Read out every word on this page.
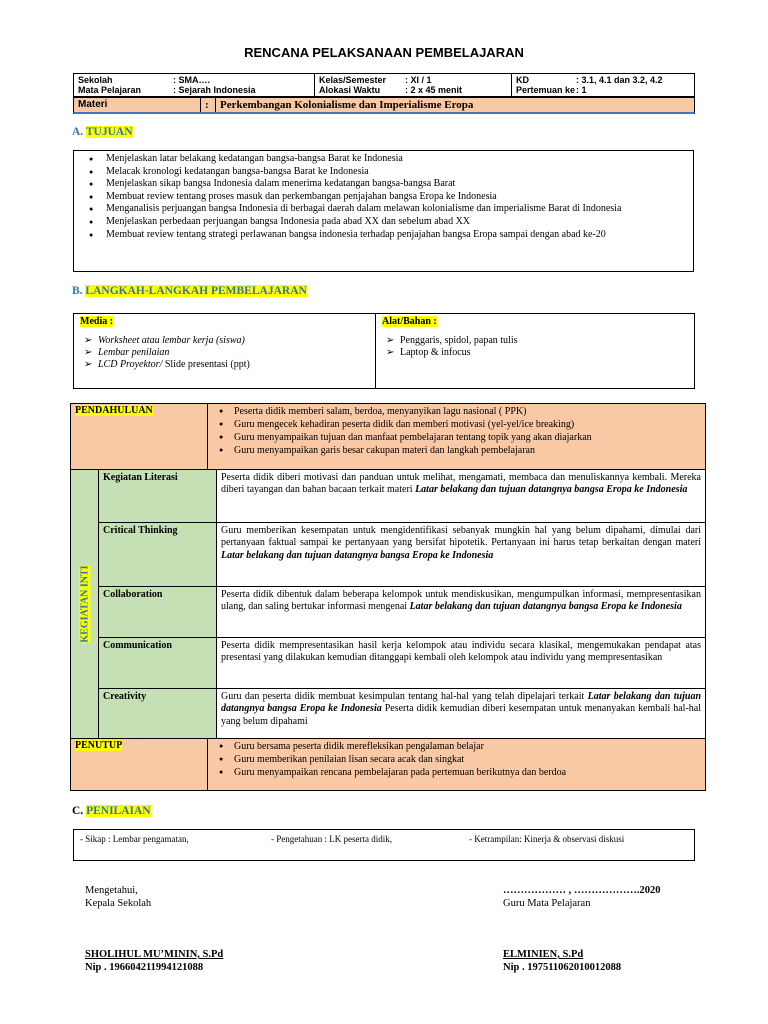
RENCANA PELAKSANAAN PEMBELAJARAN
Sekolah	: SMA….
Mata Pelajaran	: Sejarah Indonesia
Kelas/Semester	: XI / 1
Alokasi Waktu	: 2 x 45 menit
KD	: 3.1, 4.1 dan 3.2, 4.2
Pertemuan ke : 1
Materi	:	Perkembangan Kolonialisme dan Imperialisme Eropa
A. TUJUAN
● Menjelaskan latar belakang kedatangan bangsa-bangsa Barat ke Indonesia
● Melacak kronologi kedatangan bangsa-bangsa Barat ke Indonesia
● Menjelaskan sikap bangsa Indonesia dalam menerima kedatangan bangsa-bangsa Barat
● Membuat review tentang proses masuk dan perkembangan penjajahan bangsa Eropa ke Indonesia
● Menganalisis perjuangan bangsa Indonesia di berbagai daerah dalam melawan kolonialisme dan imperialisme Barat di Indonesia
● Menjelaskan perbedaan perjuangan bangsa Indonesia pada abad XX dan sebelum abad XX
● Membuat review tentang strategi perlawanan bangsa indonesia terhadap penjajahan bangsa Eropa sampai dengan abad ke-20
B. LANGKAH-LANGKAH PEMBELAJARAN
Media :
➢ Worksheet atau lembar kerja (siswa)
➢ Lembar penilaian
➢ LCD Proyektor/ Slide presentasi (ppt)
Alat/Bahan :
➢ Penggaris, spidol, papan tulis
➢ Laptop & infocus
PENDAHULUAN	● Peserta didik memberi salam, berdoa, menyanyikan lagu nasional ( PPK)
● Guru mengecek kehadiran peserta didik dan memberi motivasi (yel-yel/ice breaking)
● Guru menyampaikan tujuan dan manfaat pembelajaran tentang topik yang akan diajarkan
● Guru menyampaikan garis besar cakupan materi dan langkah pembelajaran
KEGIATAN INTI
Kegiatan Literasi	Peserta didik diberi motivasi dan panduan untuk melihat, mengamati, membaca dan menuliskannya kembali. Mereka diberi tayangan dan bahan bacaan terkait materi Latar belakang dan tujuan datangnya bangsa Eropa ke Indonesia
Critical Thinking	Guru memberikan kesempatan untuk mengidentifikasi sebanyak mungkin hal yang belum dipahami, dimulai dari pertanyaan faktual sampai ke pertanyaan yang bersifat hipotetik. Pertanyaan ini harus tetap berkaitan dengan materi Latar belakang dan tujuan datangnya bangsa Eropa ke Indonesia
Collaboration	Peserta didik dibentuk dalam beberapa kelompok untuk mendiskusikan, mengumpulkan informasi, mempresentasikan ulang, dan saling bertukar informasi mengenai Latar belakang dan tujuan datangnya bangsa Eropa ke Indonesia
Communication	Peserta didik mempresentasikan hasil kerja kelompok atau individu secara klasikal, mengemukakan pendapat atas presentasi yang dilakukan kemudian ditanggapi kembali oleh kelompok atau individu yang mempresentasikan
Creativity	Guru dan peserta didik membuat kesimpulan tentang hal-hal yang telah dipelajari terkait Latar belakang dan tujuan datangnya bangsa Eropa ke Indonesia Peserta didik kemudian diberi kesempatan untuk menanyakan kembali hal-hal yang belum dipahami
PENUTUP	● Guru bersama peserta didik merefleksikan pengalaman belajar
● Guru memberikan penilaian lisan secara acak dan singkat
● Guru menyampaikan rencana pembelajaran pada pertemuan berikutnya dan berdoa
C. PENILAIAN
- Sikap : Lembar pengamatan,	- Pengetahuan : LK peserta didik,	- Ketrampilan: Kinerja & observasi diskusi
Mengetahui,
Kepala Sekolah
SHOLIHUL MU’MININ, S.Pd
Nip . 196604211994121088
……………… , ……………….2020
Guru Mata Pelajaran
ELMINIEN, S.Pd
Nip . 197511062010012088
